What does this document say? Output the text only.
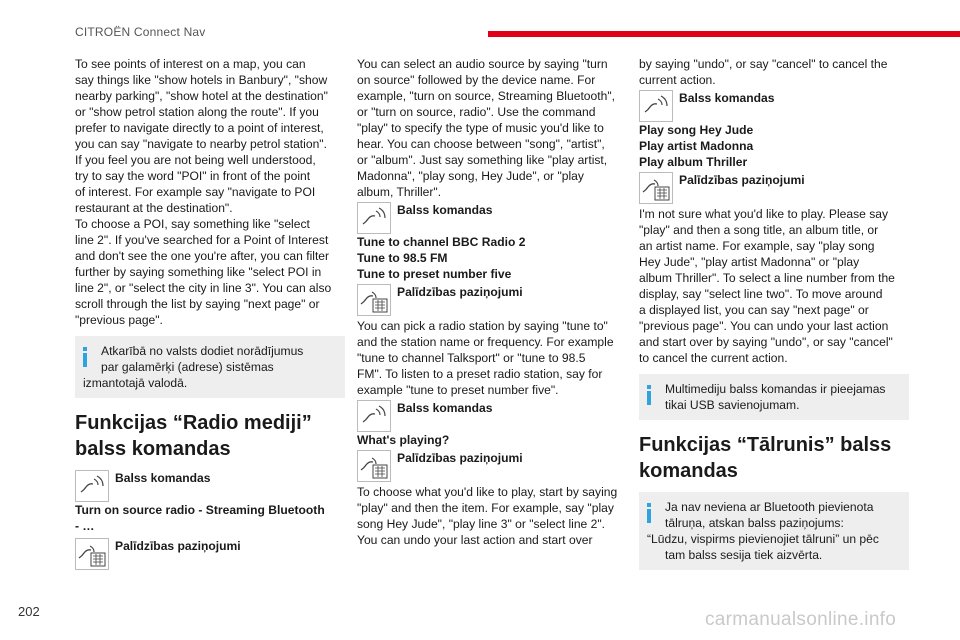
CITROËN Connect Nav

To see points of interest on a map, you can

say things like "show hotels in Banbury", "show

nearby parking", "show hotel at the destination"

or "show petrol station along the route". If you

prefer to navigate directly to a point of interest,

you can say "navigate to nearby petrol station".

If you feel you are not being well understood,

try to say the word "POI" in front of the point

of interest. For example say "navigate to POI

restaurant at the destination".

To choose a POI, say something like "select

line 2". If you've searched for a Point of Interest

and don't see the one you're after, you can filter

further by saying something like "select POI in

line 2", or "select the city in line 3". You can also

scroll through the list by saying "next page" or

"previous page".

Atkarībā no valsts dodiet norādījumus

par galamērķi (adrese) sistēmas

izmantotajā valodā.

Funkcijas “Radio mediji”
balss komandas
Balss komandas

Turn on source radio - Streaming Bluetooth

- …

Palīdzības paziņojumi

You can select an audio source by saying "turn

on source" followed by the device name. For

example, "turn on source, Streaming Bluetooth",

or "turn on source, radio". Use the command

"play" to specify the type of music you'd like to

hear. You can choose between "song", "artist",

or "album". Just say something like "play artist,

Madonna", "play song, Hey Jude", or "play

album, Thriller".

Balss komandas

Tune to channel BBC Radio 2

Tune to 98.5 FM

Tune to preset number five

Palīdzības paziņojumi

You can pick a radio station by saying "tune to"

and the station name or frequency. For example

"tune to channel Talksport" or "tune to 98.5

FM". To listen to a preset radio station, say for

example "tune to preset number five".

Balss komandas

What's playing?

Palīdzības paziņojumi

To choose what you'd like to play, start by saying

"play" and then the item. For example, say "play

song Hey Jude", "play line 3" or "select line 2".

You can undo your last action and start over

by saying "undo", or say "cancel" to cancel the

current action.

Balss komandas

Play song Hey Jude

Play artist Madonna

Play album Thriller

Palīdzības paziņojumi

I'm not sure what you'd like to play. Please say

"play" and then a song title, an album title, or

an artist name. For example, say "play song

Hey Jude", "play artist Madonna" or "play

album Thriller". To select a line number from the

display, say "select line two". To move around

a displayed list, you can say "next page" or

"previous page". You can undo your last action

and start over by saying "undo", or say "cancel"

to cancel the current action.

Multimediju balss komandas ir pieejamas

tikai USB savienojumam.

Funkcijas “Tālrunis” balss
komandas

Ja nav neviena ar Bluetooth pievienota

tālruņa, atskan balss paziņojums:

“Lūdzu, vispirms pievienojiet tālruni” un pēc

tam balss sesija tiek aizvērta.

202	carmanualsonline.info
